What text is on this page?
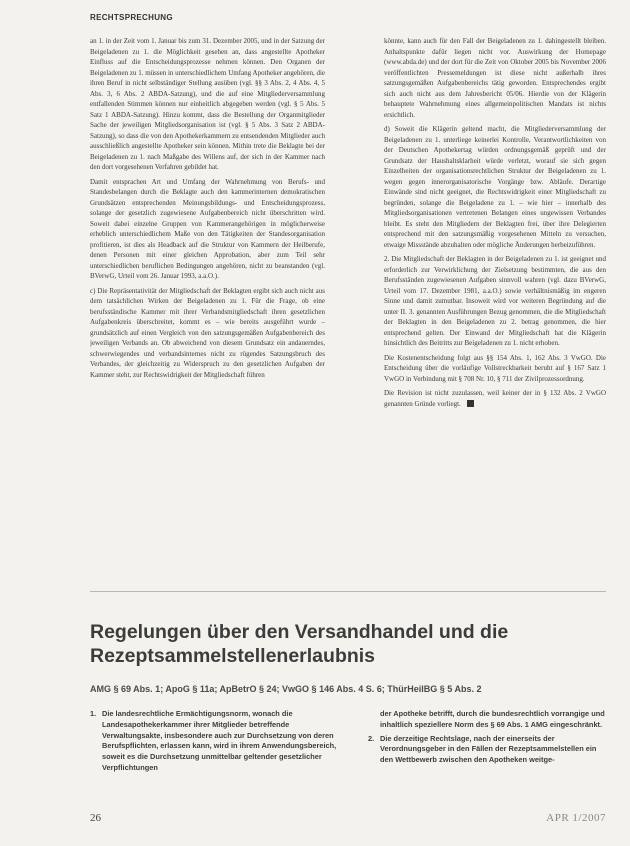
RECHTSPRECHUNG

an 1. in der Zeit vom 1. Januar bis zum 31. Dezember 2005, und in der Satzung der Beigeladenen zu 1. die Möglichkeit gesehen an, dass angestellte Apotheker Einfluss auf die Entscheidungsprozesse nehmen können. Den Organen der Beigeladenen zu 1. müssen in unterschiedlichem Umfang Apotheker angehören, die ihren Beruf in nicht selbständiger Stellung ausüben (vgl. §§ 3 Abs. 2, 4 Abs. 4, 5 Abs. 3, 6 Abs. 2 ABDA-Satzung), und die auf eine Mitgliederversammlung entfallenden Stimmen können nur einheitlich abgegeben werden (vgl. § 5 Abs. 5 Satz 1 ABDA-Satzung). Hinzu kommt, dass die Bestellung der Organmitglieder Sache der jeweiligen Mitgliedsorganisation ist (vgl. § 5 Abs. 3 Satz 2 ABDA-Satzung), so dass die von den Apothekerkammern zu entsendenden Mitglieder auch ausschließlich angestellte Apotheker sein können. Mithin trete die Beklagte bei der Beigeladenen zu 1. nach Maßgabe des Willens auf, der sich in der Kammer nach den dort vorgesehenen Verfahren gebildet hat.

Damit entsprachen Art und Umfang der Wahrnehmung von Berufs- und Standesbelangen durch die Beklagte auch den kammerinternen demokratischen Grundsätzen entsprechenden Meinungsbildungs- und Entscheidungsprozess, solange der gesetzlich zugewiesene Aufgabenbereich nicht überschritten wird. Soweit dabei einzelne Gruppen von Kammerangehörigen in möglicherweise erheblich unterschiedlichem Maße von den Tätigkeiten der Standesorganisation profitieren, ist dies als Headback auf die Struktur von Kammern der Heilberufe, denen Personen mit einer gleichen Approbation, aber zum Teil sehr unterschiedlichen beruflichen Bedingungen angehören, nicht zu beanstanden (vgl. BVerwG, Urteil vom 26. Januar 1993, a.a.O.).

c) Die Repräsentativität der Mitgliedschaft der Beklagten ergibt sich auch nicht aus dem tatsächlichen Wirken der Beigeladenen zu 1. Für die Frage, ob eine berufsständische Kammer mit ihrer Verbandsmitgliedschaft ihren gesetzlichen Aufgabenkreis überschreitet, kommt es – wie bereits ausgeführt wurde – grundsätzlich auf einen Vergleich von den satzungsgemäßen Aufgabenbereich des jeweiligen Verbands an. Ob abweichend von diesem Grundsatz ein andauerndes, schwerwiegendes und verbandsinternes nicht zu rügendes Satzungsbruch des Verbandes, der gleichzeitig zu Widerspruch zu den gesetzlichen Aufgaben der Kammer steht, zur Rechtswidrigkeit der Mitgliedschaft führen

könnte, kann auch für den Fall der Beigeladenen zu 1. dahingestellt bleiben. Anhaltspunkte dafür liegen nicht vor. Auswirkung der Homepage (www.abda.de) und der dort für die Zeit von Oktober 2005 bis November 2006 veröffentlichten Pressemeldungen ist diese nicht außerhalb ihres satzungsgemäßen Aufgabenbereichs tätig geworden. Entsprechendes ergibt sich auch nicht aus dem Jahresbericht 05/06. Hierdie von der Klägerin behauptete Wahrnehmung eines allgemeinpolitischen Mandats ist nichts ersichtlich.

d) Soweit die Klägerin geltend macht, die Mitgliederversammlung der Beigeladenen zu 1. unterliege keinerlei Kontrolle, Verantwortlichkeiten von der Deutschen Apothekertag würden ordnungsgemäß geprüft und der Grundsatz der Haushaltsklarheit würde verletzt, worauf sie sich gegen Einzelheiten der organisationsrechtlichen Struktur der Beigeladenen zu 1. wegen gegen innerorganisatorische Vorgänge bzw. Abläufe. Derartige Einwände sind nicht geeignet, die Rechtswidrigkeit einer Mitgliedschaft zu begründen, solange die Beigeladene zu 1. – wie hier – innerhalb des Mitgliedsorganisationen vertretenen Belangen eines ungewissen Verbandes bleibt. Es steht den Mitgliedern der Beklagten frei, über ihre Delegierten entsprechend mit den satzungsmäßig vorgesehenen Mitteln zu versuchen, etwaige Missstände abzuhalten oder mögliche Änderungen herbeizuführen.

2. Die Mitgliedschaft der Beklagten in der Beigeladenen zu 1. ist geeignet und erforderlich zur Verwirklichung der Zielsetzung bestimmten, die aus den Berufsständen zugewiesenen Aufgaben sinnvoll wahren (vgl. dazu BVerwG, Urteil vom 17. Dezember 1981, a.a.O.) sowie verhältnismäßig im engeren Sinne und damit zumutbar. Insoweit wird vor weiteren Begründung auf die unter II. 3. genannten Ausführungen Bezug genommen, die die Mitgliedschaft der Beklagten in den Beigeladenen zu 2. betrag genommen, die hier entsprechend gelten. Der Einwand der Mitgliedschaft hat die Klägerin hinsichtlich des Beitritts zur Beigeladenen zu 1. nicht erhoben.

Die Kostenentscheidung folgt aus §§ 154 Abs. 1, 162 Abs. 3 VwGO. Die Entscheidung über die vorläufige Vollstreckbarkeit beruht auf § 167 Satz 1 VwGO in Verbindung mit § 708 Nr. 10, § 711 der Zivilprozessordnung.

Die Revision ist nicht zuzulassen, weil keiner der in § 132 Abs. 2 VwGO genannten Gründe vorliegt.

Regelungen über den Versandhandel und die Rezeptsammelstellenerlaubnis
AMG § 69 Abs. 1; ApoG § 11a; ApBetrO § 24; VwGO § 146 Abs. 4 S. 6; ThürHeilBG § 5 Abs. 2
1. Die landesrechtliche Ermächtigungsnorm, wonach die Landesapothekerkammer ihrer Mitglieder betreffende Verwaltungsakte, insbesondere auch zur Durchsetzung von deren Berufspflichten, erlassen kann, wird in ihrem Anwendungsbereich, soweit es die Durchsetzung unmittelbar geltender gesetzlicher Verpflichtungen
der Apotheke betrifft, durch die bundesrechtlich vorrangige und inhaltlich speziellere Norm des § 69 Abs. 1 AMG eingeschränkt.
2. Die derzeitige Rechtslage, nach der einerseits der Verordnungsgeber in den Fällen der Rezeptsammelstellen ein den Wettbewerb zwischen den Apotheken weitge-
26	APR 1/2007
